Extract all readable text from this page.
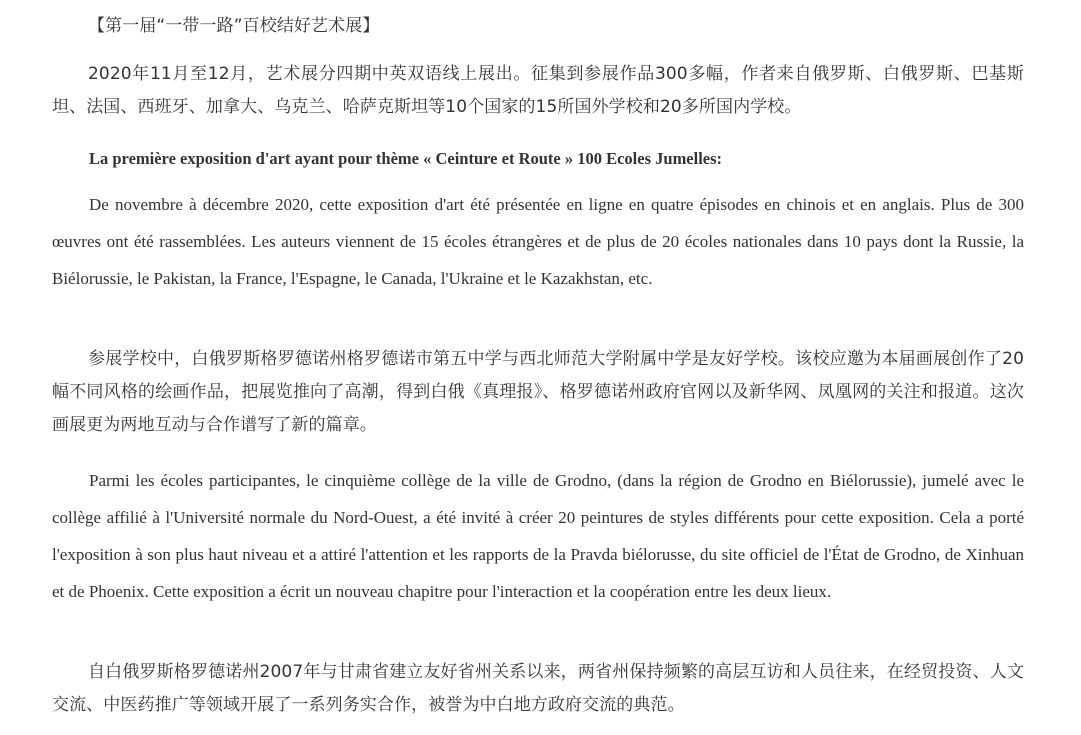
【第一届“一带一路”百校结好艺术展】

2020年11月至12月，艺术展分四期中英双语线上展出。征集到参展作品300多幅，作者来自俄罗斯、白俄罗斯、巴基斯坦、法国、西班牙、加拿大、乌克兰、哈萨克斯坦等10个国家的15所国外学校和20多所国内学校。

La première exposition d'art ayant pour thème « Ceinture et Route » 100 Ecoles Jumelles:

De novembre à décembre 2020, cette exposition d'art été présentée en ligne en quatre épisodes en chinois et en anglais. Plus de 300 œuvres ont été rassemblées. Les auteurs viennent de 15 écoles étrangères et de plus de 20 écoles nationales dans 10 pays dont la Russie, la Biélorussie, le Pakistan, la France, l'Espagne, le Canada, l'Ukraine et le Kazakhstan, etc.

参展学校中，白俄罗斯格罗德诺州格罗德诺市第五中学与西北师范大学附属中学是友好学校。该校应邀为本届画展创作了20幅不同风格的绘画作品，把展览推向了高潮，得到白俄《真理报》、格罗德诺州政府官网以及新华网、凤凰网的关注和报道。这次画展更为两地互动与合作谱写了新的篇章。

Parmi les écoles participantes, le cinquième collège de la ville de Grodno, (dans la région de Grodno en Biélorussie), jumelé avec le collège affilié à l'Université normale du Nord-Ouest, a été invité à créer 20 peintures de styles différents pour cette exposition. Cela a porté l'exposition à son plus haut niveau et a attiré l'attention et les rapports de la Pravda biélorusse, du site officiel de l'État de Grodno, de Xinhuan et de Phoenix. Cette exposition a écrit un nouveau chapitre pour l'interaction et la coopération entre les deux lieux.

自白俄罗斯格罗德诺州2007年与甘肃省建立友好省州关系以来，两省州保持频繁的高层互访和人员往来，在经贸投资、人文交流、中医药推广等领域开展了一系列务实合作，被誉为中白地方政府交流的典范。
